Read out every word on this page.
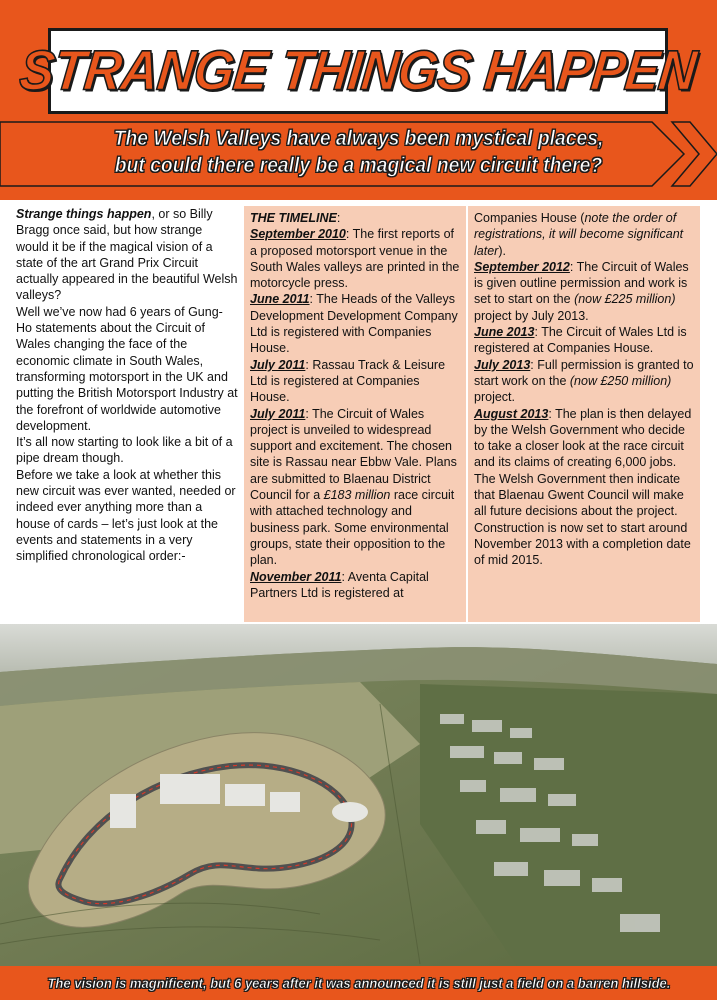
STRANGE THINGS HAPPEN
The Welsh Valleys have always been mystical places,
but could there really be a magical new circuit there?

Strange things happen, or so Billy Bragg once said, but how strange would it be if the magical vision of a state of the art Grand Prix Circuit actually appeared in the beautiful Welsh valleys?

Well we’ve now had 6 years of Gung-Ho statements about the Circuit of Wales changing the face of the economic climate in South Wales, transforming motorsport in the UK and putting the British Motorsport Industry at the forefront of worldwide automotive development.

It’s all now starting to look like a bit of a pipe dream though.

Before we take a look at whether this new circuit was ever wanted, needed or indeed ever anything more than a house of cards – let’s just look at the events and statements in a very simplified chronological order:-

THE TIMELINE:

September 2010: The first reports of a proposed motorsport venue in the South Wales valleys are printed in the motorcycle press.

June 2011: The Heads of the Valleys Development Development Company Ltd is registered with Companies House.

July 2011: Rassau Track & Leisure Ltd is registered at Companies House.

July 2011: The Circuit of Wales project is unveiled to widespread support and excitement. The chosen site is Rassau near Ebbw Vale. Plans are submitted to Blaenau District Council for a £183 million race circuit with attached technology and business park. Some environmental groups, state their opposition to the plan.

November 2011: Aventa Capital Partners Ltd is registered at

Companies House (note the order of registrations, it will become significant later).

September 2012: The Circuit of Wales is given outline permission and work is set to start on the (now £225 million) project by July 2013.

June 2013: The Circuit of Wales Ltd is registered at Companies House.

July 2013: Full permission is granted to start work on the (now £250 million) project.

August 2013: The plan is then delayed by the Welsh Government who decide to take a closer look at the race circuit and its claims of creating 6,000 jobs.

The Welsh Government then indicate that Blaenau Gwent Council will make all future decisions about the project.

Construction is now set to start around November 2013 with a completion date of mid 2015.

The vision is magnificent, but 6 years after it was announced it is still just a field on a barren hillside.
